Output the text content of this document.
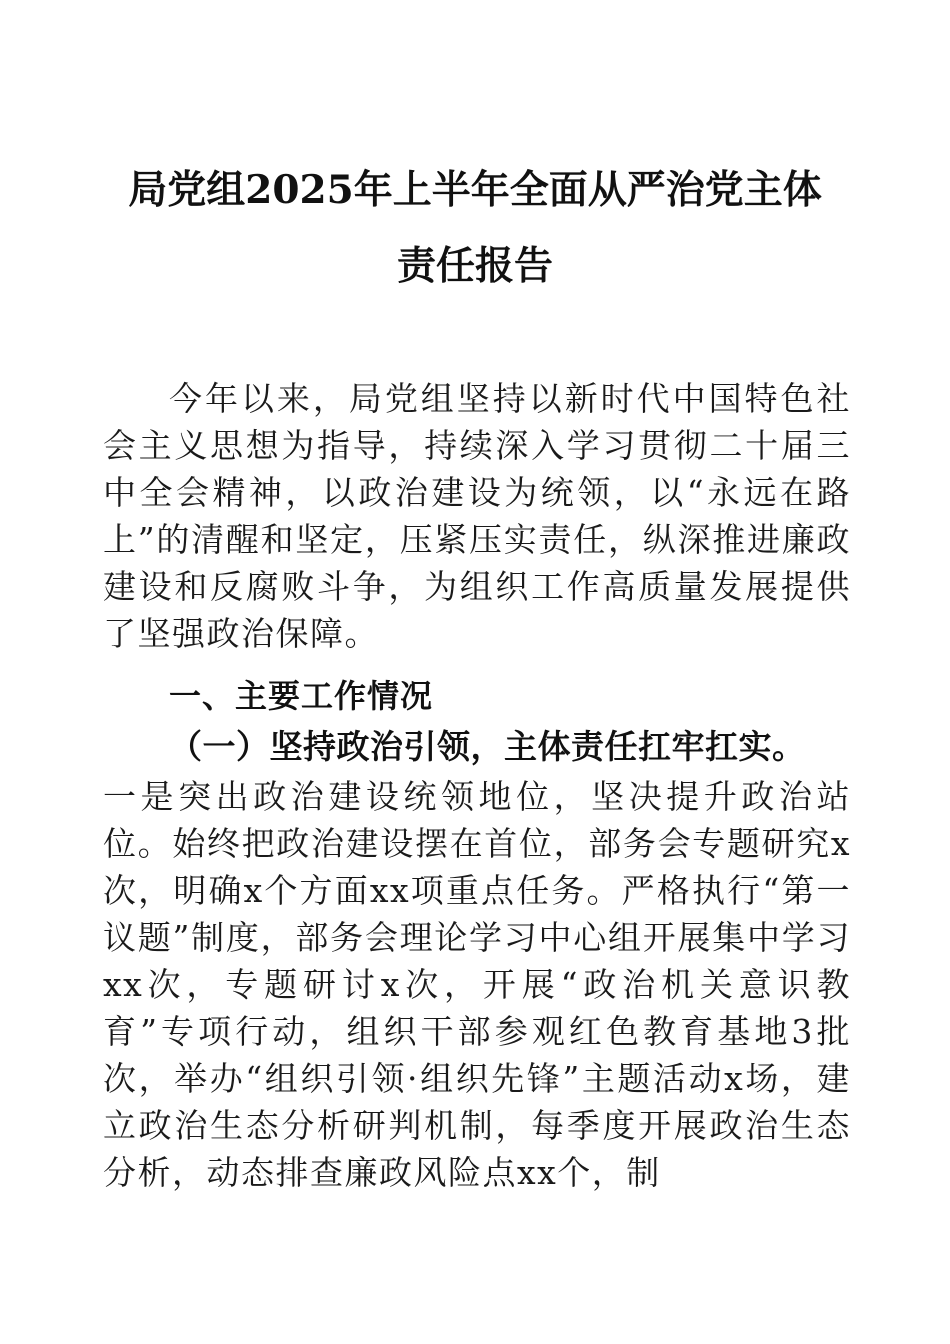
局党组2025年上半年全面从严治党主体
责任报告

今年以来，局党组坚持以新时代中国特色社会主义思想为指导，持续深入学习贯彻二十届三中全会精神，以政治建设为统领，以“永远在路上”的清醒和坚定，压紧压实责任，纵深推进廉政建设和反腐败斗争，为组织工作高质量发展提供了坚强政治保障。

一、主要工作情况
（一）坚持政治引领，主体责任扛牢扛实。

一是突出政治建设统领地位，坚决提升政治站位。始终把政治建设摆在首位，部务会专题研究x次，明确x个方面xx项重点任务。严格执行“第一议题”制度，部务会理论学习中心组开展集中学习xx次，专题研讨x次，开展“政治机关意识教育”专项行动，组织干部参观红色教育基地3批次，举办“组织引领·组织先锋”主题活动x场，建立政治生态分析研判机制，每季度开展政治生态分析，动态排查廉政风险点xx个，制
